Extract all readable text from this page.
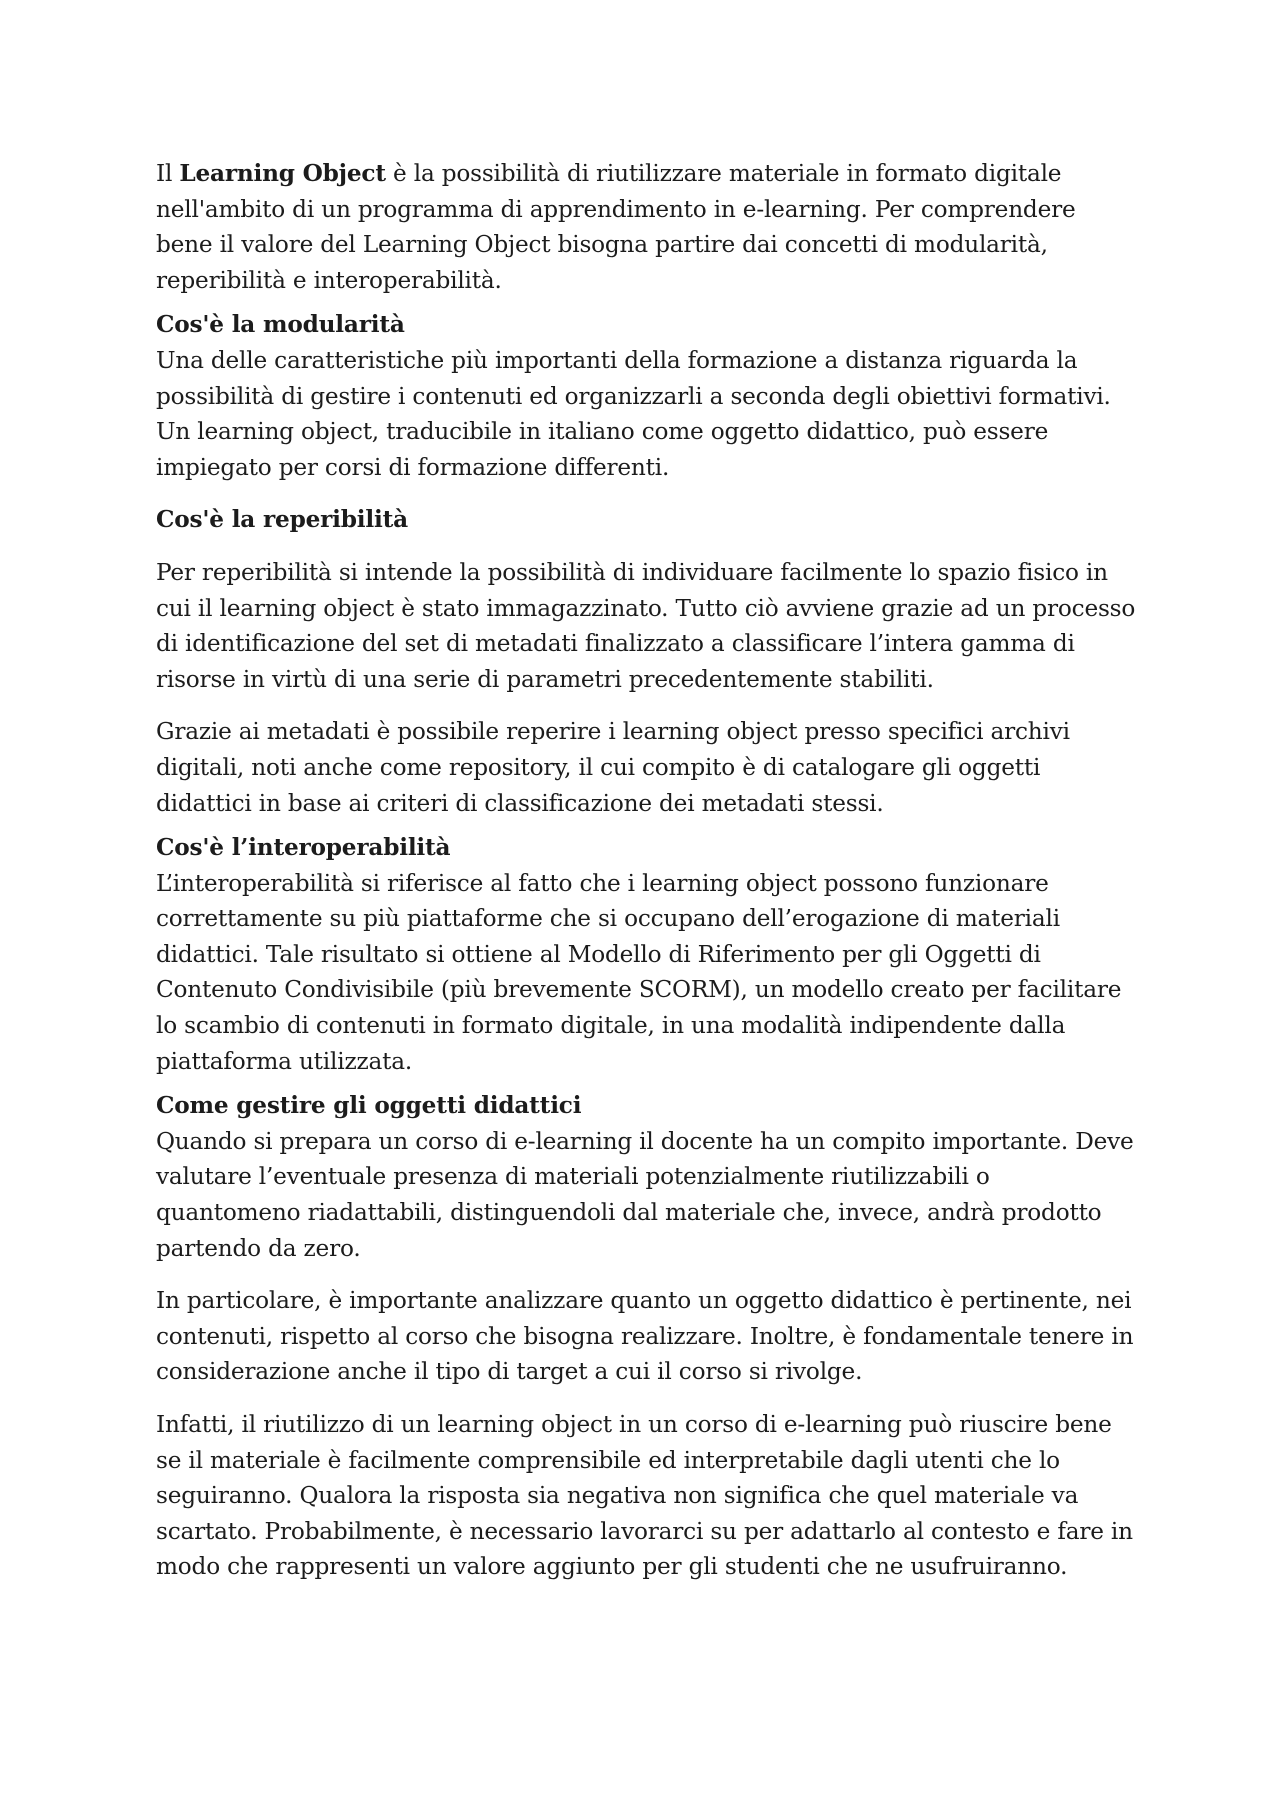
Il Learning Object è la possibilità di riutilizzare materiale in formato digitale nell'ambito di un programma di apprendimento in e-learning. Per comprendere bene il valore del Learning Object bisogna partire dai concetti di modularità, reperibilità e interoperabilità.

Cos'è la modularità

Una delle caratteristiche più importanti della formazione a distanza riguarda la possibilità di gestire i contenuti ed organizzarli a seconda degli obiettivi formativi. Un learning object, traducibile in italiano come oggetto didattico, può essere impiegato per corsi di formazione differenti.

Cos'è la reperibilità

Per reperibilità si intende la possibilità di individuare facilmente lo spazio fisico in cui il learning object è stato immagazzinato. Tutto ciò avviene grazie ad un processo di identificazione del set di metadati finalizzato a classificare l’intera gamma di risorse in virtù di una serie di parametri precedentemente stabiliti.

Grazie ai metadati è possibile reperire i learning object presso specifici archivi digitali, noti anche come repository, il cui compito è di catalogare gli oggetti didattici in base ai criteri di classificazione dei metadati stessi.

Cos'è l’interoperabilità

L’interoperabilità si riferisce al fatto che i learning object possono funzionare correttamente su più piattaforme che si occupano dell’erogazione di materiali didattici. Tale risultato si ottiene al Modello di Riferimento per gli Oggetti di Contenuto Condivisibile (più brevemente SCORM), un modello creato per facilitare lo scambio di contenuti in formato digitale, in una modalità indipendente dalla piattaforma utilizzata.

Come gestire gli oggetti didattici

Quando si prepara un corso di e-learning il docente ha un compito importante. Deve valutare l’eventuale presenza di materiali potenzialmente riutilizzabili o quantomeno riadattabili, distinguendoli dal materiale che, invece, andrà prodotto partendo da zero.

In particolare, è importante analizzare quanto un oggetto didattico è pertinente, nei contenuti, rispetto al corso che bisogna realizzare. Inoltre, è fondamentale tenere in considerazione anche il tipo di target a cui il corso si rivolge.

Infatti, il riutilizzo di un learning object in un corso di e-learning può riuscire bene se il materiale è facilmente comprensibile ed interpretabile dagli utenti che lo seguiranno. Qualora la risposta sia negativa non significa che quel materiale va scartato. Probabilmente, è necessario lavorarci su per adattarlo al contesto e fare in modo che rappresenti un valore aggiunto per gli studenti che ne usufruiranno.
